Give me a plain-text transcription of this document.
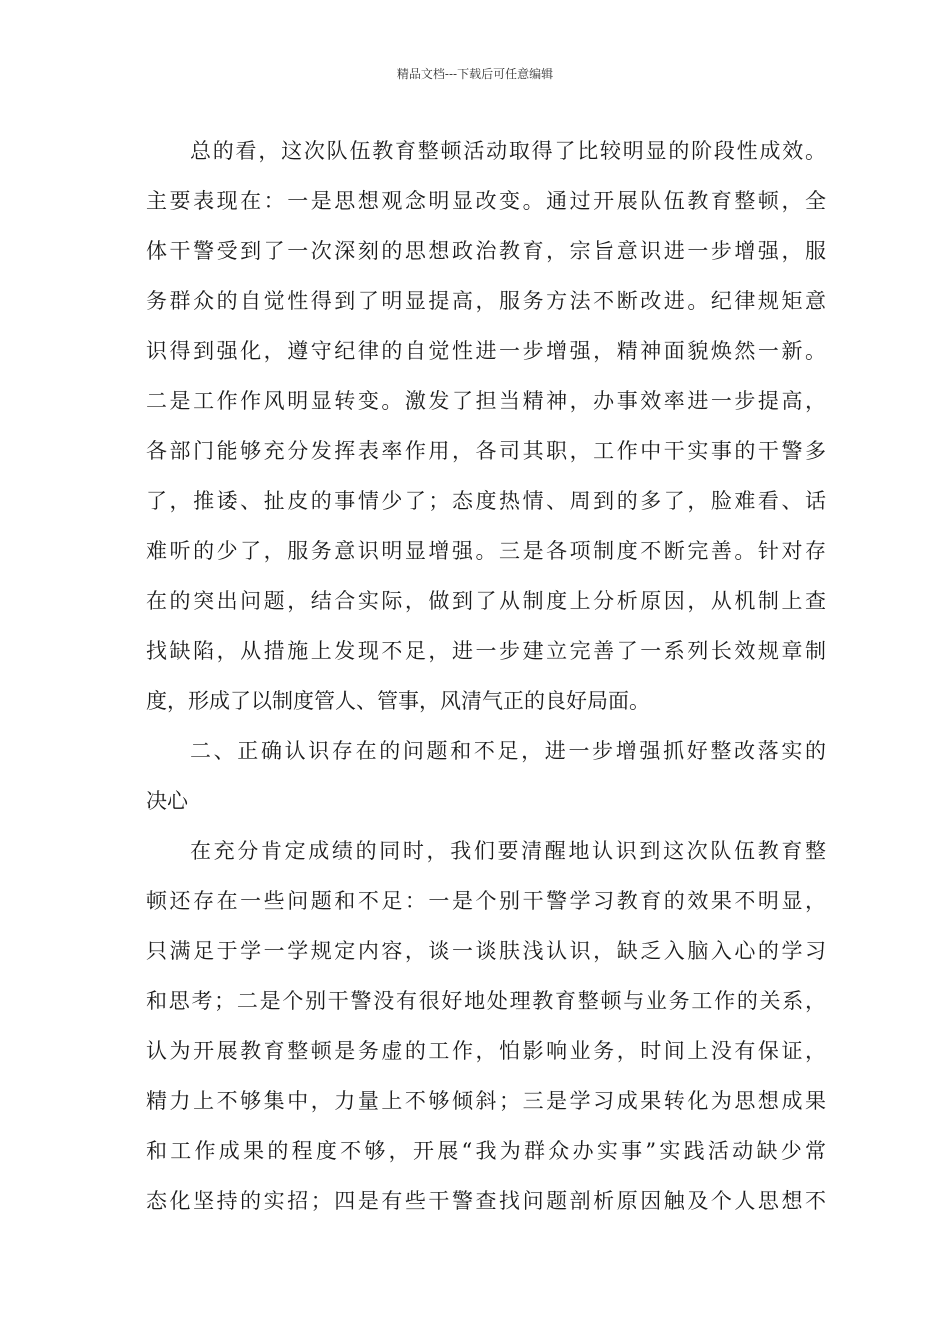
精品文档---下载后可任意编辑
总的看，这次队伍教育整顿活动取得了比较明显的阶段性成效。
主要表现在：一是思想观念明显改变。通过开展队伍教育整顿，全
体干警受到了一次深刻的思想政治教育，宗旨意识进一步增强，服
务群众的自觉性得到了明显提高，服务方法不断改进。纪律规矩意
识得到强化，遵守纪律的自觉性进一步增强，精神面貌焕然一新。
二是工作作风明显转变。激发了担当精神，办事效率进一步提高，
各部门能够充分发挥表率作用，各司其职，工作中干实事的干警多
了，推诿、扯皮的事情少了；态度热情、周到的多了，脸难看、话
难听的少了，服务意识明显增强。三是各项制度不断完善。针对存
在的突出问题，结合实际，做到了从制度上分析原因，从机制上查
找缺陷，从措施上发现不足，进一步建立完善了一系列长效规章制
度，形成了以制度管人、管事，风清气正的良好局面。
二、正确认识存在的问题和不足，进一步增强抓好整改落实的
决心
在充分肯定成绩的同时，我们要清醒地认识到这次队伍教育整
顿还存在一些问题和不足：一是个别干警学习教育的效果不明显，
只满足于学一学规定内容，谈一谈肤浅认识，缺乏入脑入心的学习
和思考；二是个别干警没有很好地处理教育整顿与业务工作的关系，
认为开展教育整顿是务虚的工作，怕影响业务，时间上没有保证，
精力上不够集中，力量上不够倾斜；三是学习成果转化为思想成果
和工作成果的程度不够，开展“我为群众办实事”实践活动缺少常
态化坚持的实招；四是有些干警查找问题剖析原因触及个人思想不
